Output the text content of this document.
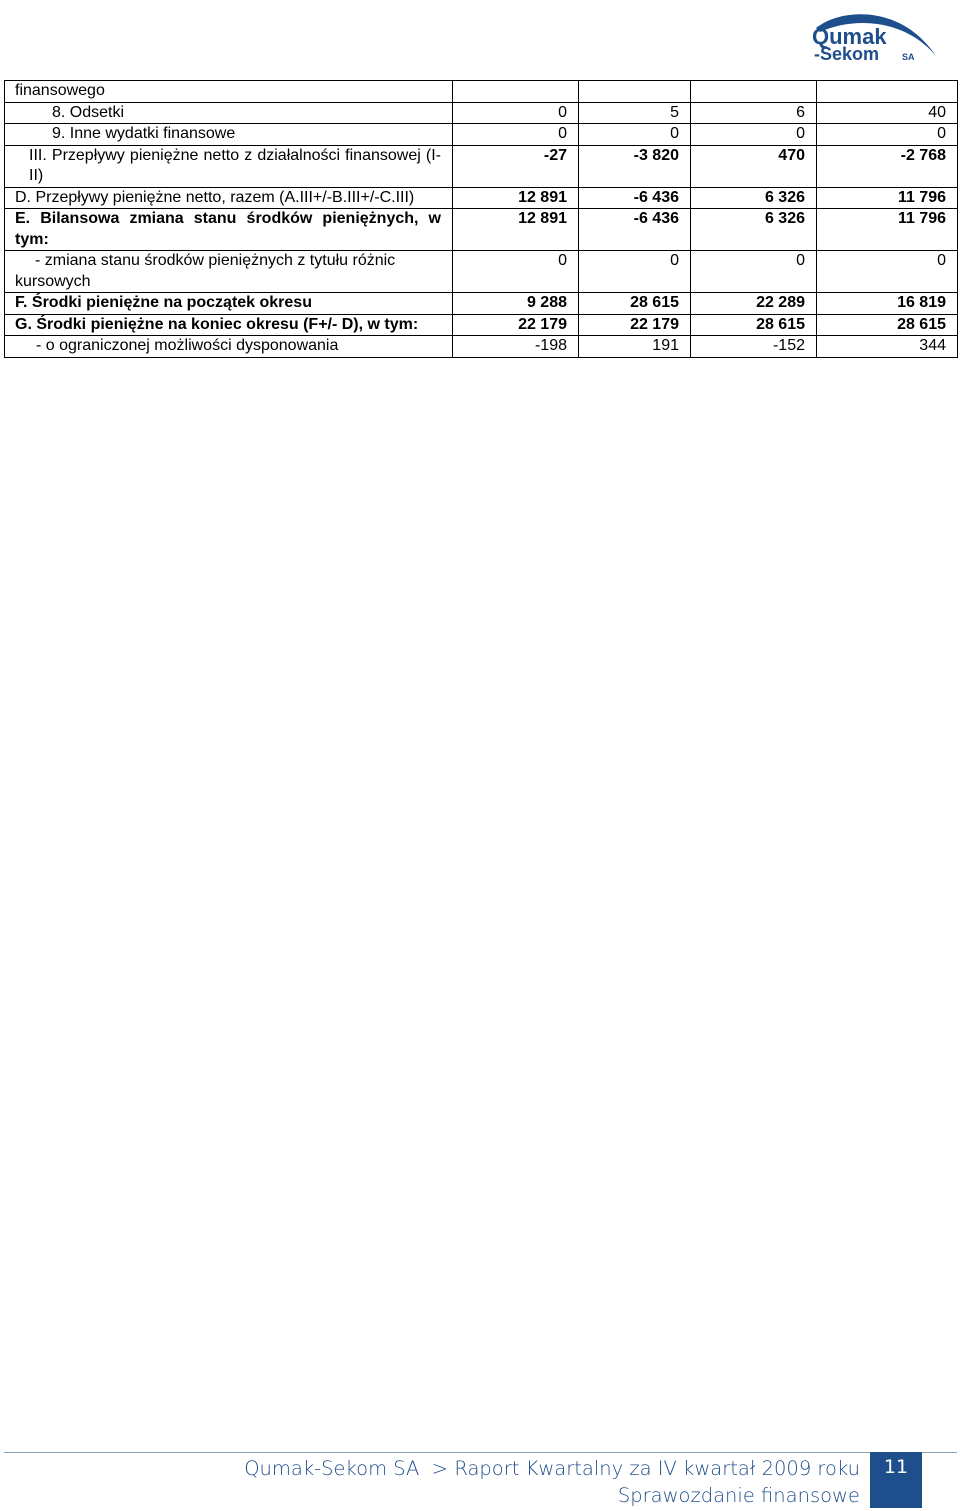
Qumak
-Sekom	SA
finansowego				
8. Odsetki	0	5	6	40
9. Inne wydatki finansowe	0	0	0	0
III. Przepływy pieniężne netto z działalności finansowej (I-II)	-27	-3 820	470	-2 768
D. Przepływy pieniężne netto, razem (A.III+/-B.III+/-C.III)	12 891	-6 436	6 326	11 796
E. Bilansowa zmiana stanu środków pieniężnych, w tym:	12 891	-6 436	6 326	11 796
- zmiana stanu środków pieniężnych z tytułu różnic kursowych	0	0	0	0
F. Środki pieniężne na początek okresu	9 288	28 615	22 289	16 819
G. Środki pieniężne na koniec okresu (F+/- D), w tym:	22 179	22 179	28 615	28 615
- o ograniczonej możliwości dysponowania	-198	191	-152	344
Qumak-Sekom SA > Raport Kwartalny za IV kwartał 2009 roku
Sprawozdanie finansowe
11
